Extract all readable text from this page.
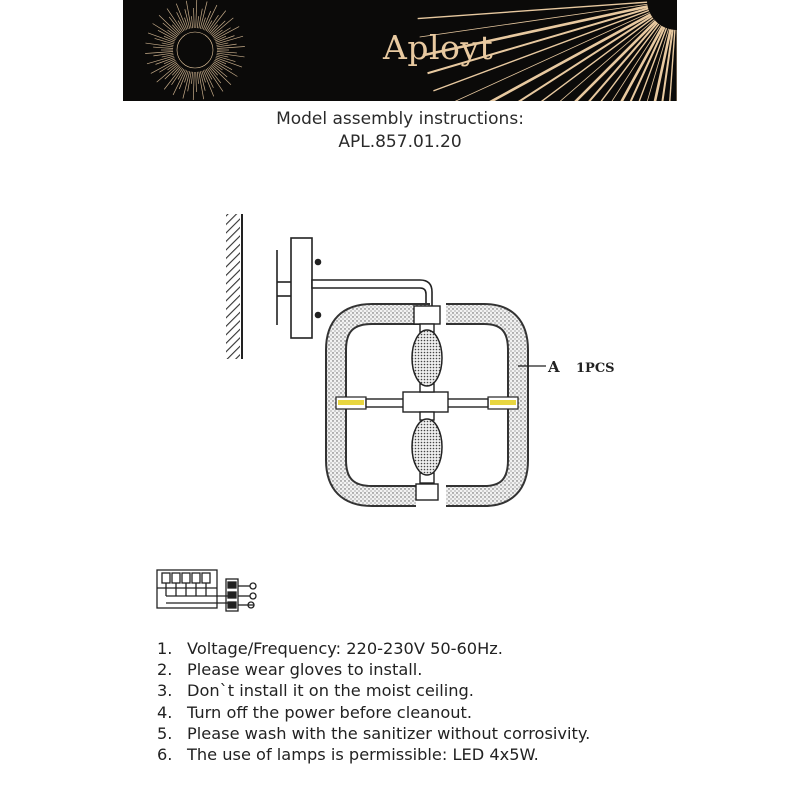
Aployt
Model assembly instructions:
APL.857.01.20
A 1PCS
1. Voltage/Frequency: 220-230V 50-60Hz.
2. Please wear gloves to install.
3. Don`t install it on the moist ceiling.
4. Turn off the power before cleanout.
5. Please wash with the sanitizer without corrosivity.
6. The use of lamps is permissible: LED 4x5W.
